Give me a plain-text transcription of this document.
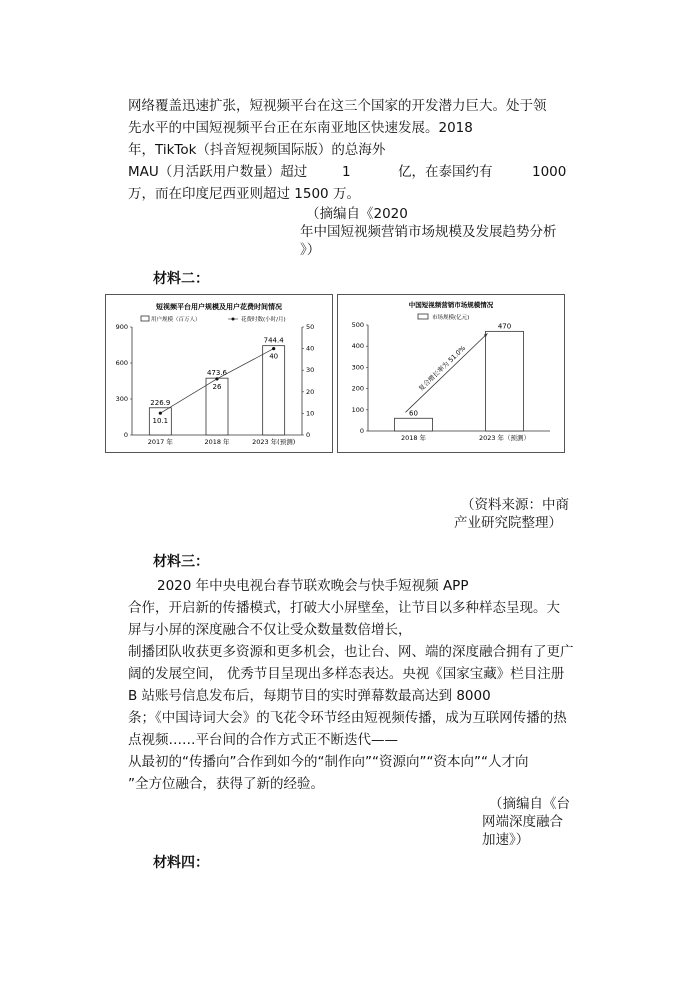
网络覆盖迅速扩张，短视频平台在这三个国家的开发潜力巨大。处于领
先水平的中国短视频平台正在东南亚地区快速发展。2018
年，TikTok（抖音短视频国际版）的总海外
MAU（月活跃用户数量）超过	1	亿，在泰国约有	1000
万，而在印度尼西亚则超过 1500 万。
（摘编自《2020
年中国短视频营销市场规模及发展趋势分析
》）
材料二：
短视频平台用户规模及用户花费时间情况
用户规模（百万人）	花费时数(小时/月)
0
300
600
900
0
10
20
30
40
50
226.9
2017 年
473.6
2018 年
744.4
2023 年(预测)
10.1
26
40
中国短视频营销市场规模情况
市场规模(亿元)
0
100
200
300
400
500
60
2018 年
470
2023 年（预测）
复合增长率为 51.0%
（资料来源：中商
产业研究院整理）
材料三：
2020 年中央电视台春节联欢晚会与快手短视频 APP
合作，开启新的传播模式，打破大小屏壁垒，让节目以多种样态呈现。大
屏与小屏的深度融合不仅让受众数量数倍增长，
制播团队收获更多资源和更多机会，也让台、网、端的深度融合拥有了更广
阔的发展空间， 优秀节目呈现出多样态表达。央视《国家宝藏》栏目注册
B 站账号信息发布后，每期节目的实时弹幕数最高达到 8000
条；《中国诗词大会》的飞花令环节经由短视频传播，成为互联网传播的热
点视频……平台间的合作方式正不断迭代——
从最初的“传播向”合作到如今的“制作向”“资源向”“资本向”“人才向
”全方位融合，获得了新的经验。
（摘编自《台
网端深度融合
加速》）
材料四：
